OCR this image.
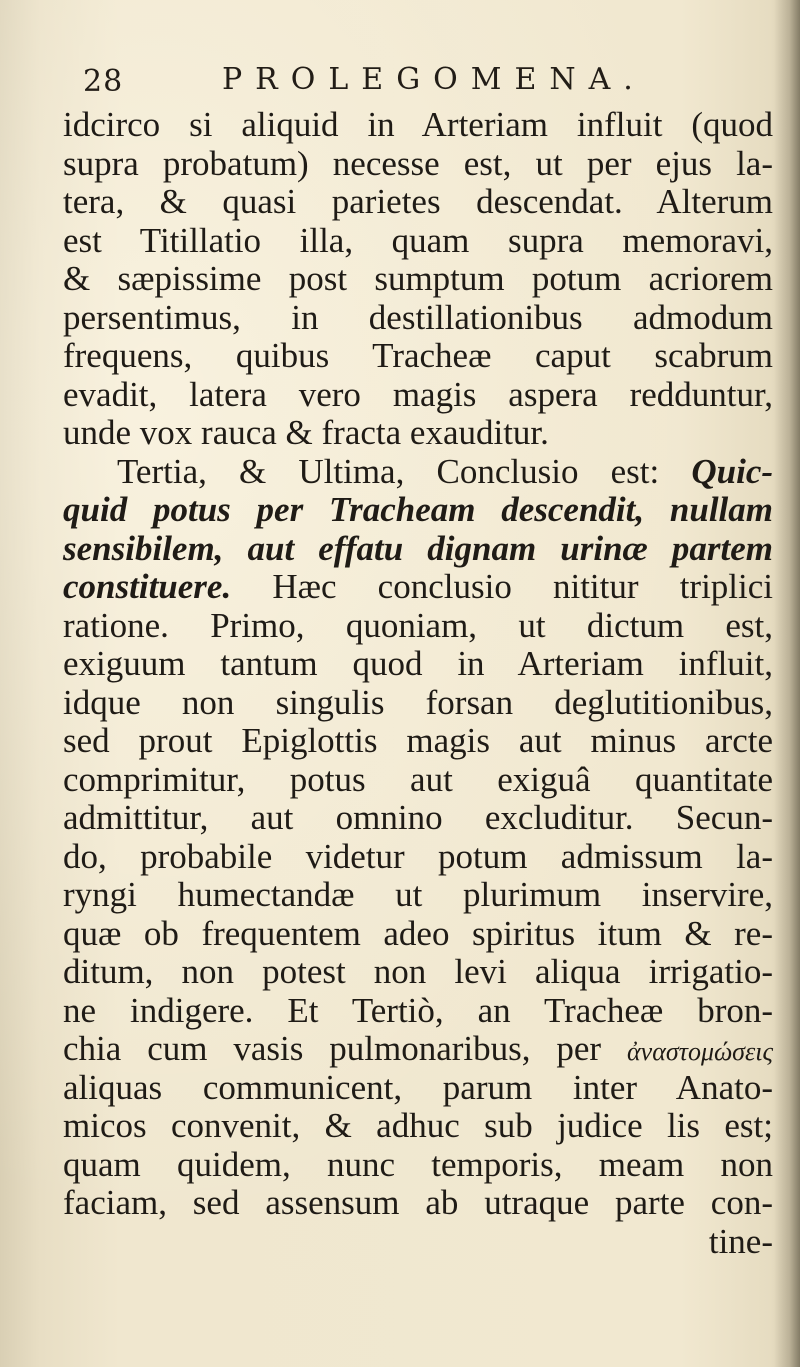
28	PROLEGOMENA.
idcirco si aliquid in Arteriam influit (quod
supra probatum) necesse est, ut per ejus la-
tera, & quasi parietes descendat. Alterum
est Titillatio illa, quam supra memoravi,
& sæpissime post sumptum potum acriorem
persentimus, in destillationibus admodum
frequens, quibus Tracheæ caput scabrum
evadit, latera vero magis aspera redduntur,
unde vox rauca & fracta exauditur.
Tertia, & Ultima, Conclusio est: Quic-
quid potus per Tracheam descendit, nullam
sensibilem, aut effatu dignam urinæ partem
constituere. Hæc conclusio nititur triplici
ratione. Primo, quoniam, ut dictum est,
exiguum tantum quod in Arteriam influit,
idque non singulis forsan deglutitionibus,
sed prout Epiglottis magis aut minus arcte
comprimitur, potus aut exiguâ quantitate
admittitur, aut omnino excluditur. Secun-
do, probabile videtur potum admissum la-
ryngi humectandæ ut plurimum inservire,
quæ ob frequentem adeo spiritus itum & re-
ditum, non potest non levi aliqua irrigatio-
ne indigere. Et Tertiò, an Tracheæ bron-
chia cum vasis pulmonaribus, per ἀναστομώσεις
aliquas communicent, parum inter Anato-
micos convenit, & adhuc sub judice lis est;
quam quidem, nunc temporis, meam non
faciam, sed assensum ab utraque parte con-
tine-
